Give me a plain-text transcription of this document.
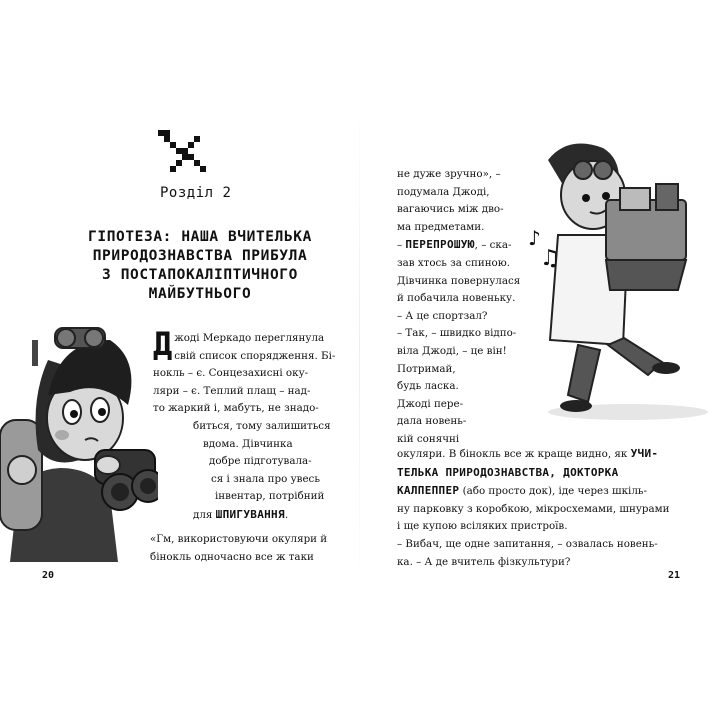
Розділ 2
ГІПОТЕЗА: НАША ВЧИТЕЛЬКА
ПРИРОДОЗНАВСТВА ПРИБУЛА
З ПОСТАПОКАЛІПТИЧНОГО
МАЙБУТНЬОГО
Д жоді Меркадо переглянула

свій список спорядження. Бі-

нокль – є. Сонцезахисні оку-

ляри – є. Теплий плащ – над-

то жаркий і, мабуть, не знадо-

биться, тому залишиться

вдома. Дівчинка

добре підготувала-

ся і знала про увесь

інвентар, потрібний

для ШПИГУВАННЯ.

«Гм, використовуючи окуляри й

бінокль одночасно все ж таки

20

не дуже зручно», –

подумала Джоді,

вагаючись між дво-

ма предметами.

– ПЕРЕПРОШУЮ, – ска-

зав хтось за спиною.

Дівчинка повернулася

й побачила новеньку.

– А це спортзал?

– Так, – швидко відпо-

віла Джоді, – це він!

Потримай,

будь ласка.

Джоді пере-

дала новень-

кій сонячні

♪
♫

окуляри. В бінокль все ж краще видно, як УЧИ-

ТЕЛЬКА ПРИРОДОЗНАВСТВА, ДОКТОРКА

КАЛПЕППЕР (або просто док), іде через шкіль-

ну парковку з коробкою, мікросхемами, шнурами

і ще купою всіляких пристроїв.

– Вибач, ще одне запитання, – озвалась новень-

ка. – А де вчитель фізкультури?

21
